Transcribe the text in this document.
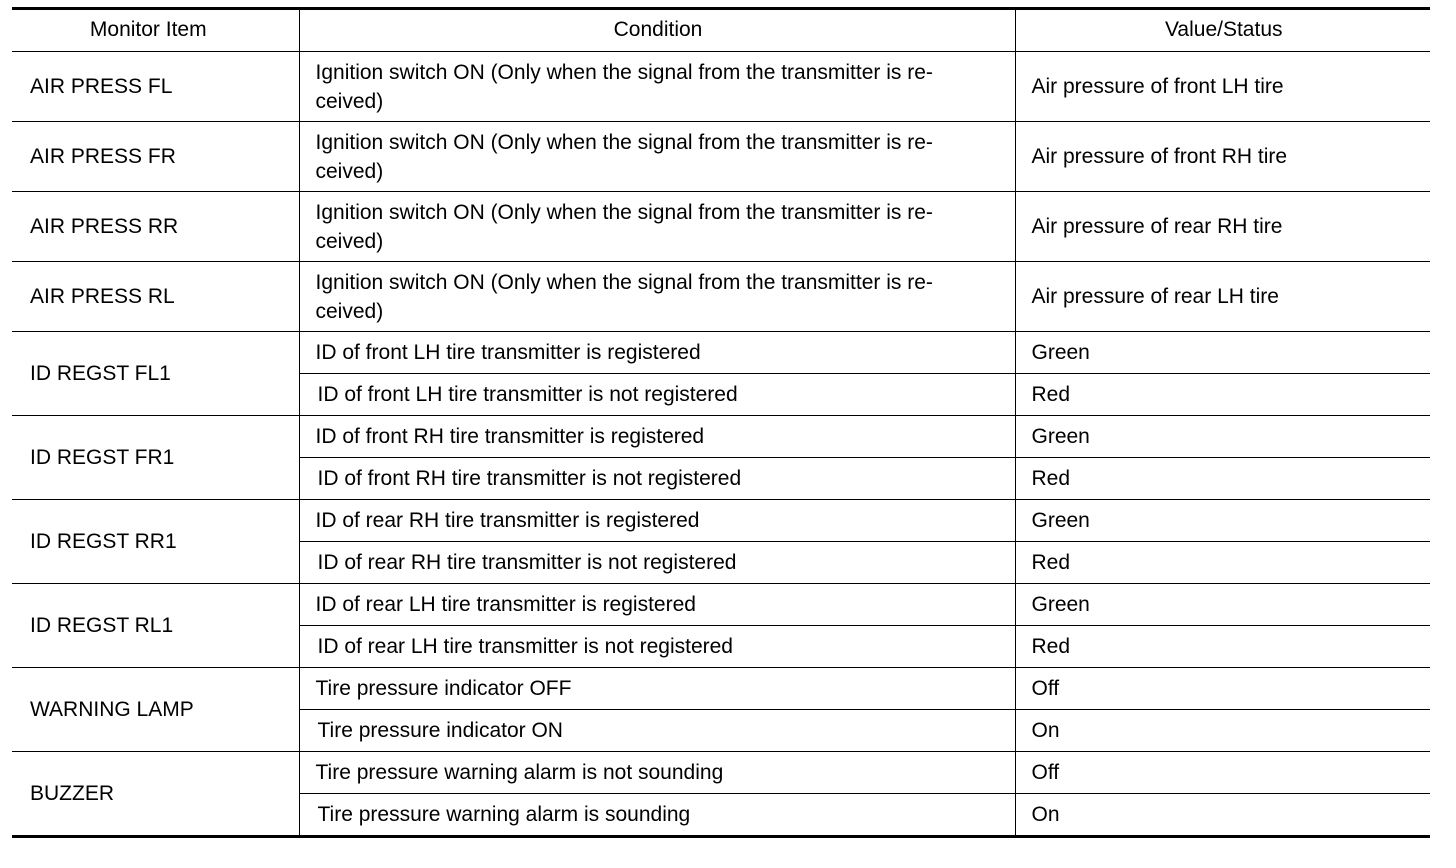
Monitor Item	Condition	Value/Status
AIR PRESS FL	Ignition switch ON (Only when the signal from the transmitter is re-ceived)	Air pressure of front LH tire
AIR PRESS FR	Ignition switch ON (Only when the signal from the transmitter is re-ceived)	Air pressure of front RH tire
AIR PRESS RR	Ignition switch ON (Only when the signal from the transmitter is re-ceived)	Air pressure of rear RH tire
AIR PRESS RL	Ignition switch ON (Only when the signal from the transmitter is re-ceived)	Air pressure of rear LH tire
ID REGST FL1	ID of front LH tire transmitter is registered	Green
	ID of front LH tire transmitter is not registered	Red
ID REGST FR1	ID of front RH tire transmitter is registered	Green
	ID of front RH tire transmitter is not registered	Red
ID REGST RR1	ID of rear RH tire transmitter is registered	Green
	ID of rear RH tire transmitter is not registered	Red
ID REGST RL1	ID of rear LH tire transmitter is registered	Green
	ID of rear LH tire transmitter is not registered	Red
WARNING LAMP	Tire pressure indicator OFF	Off
	Tire pressure indicator ON	On
BUZZER	Tire pressure warning alarm is not sounding	Off
	Tire pressure warning alarm is sounding	On
